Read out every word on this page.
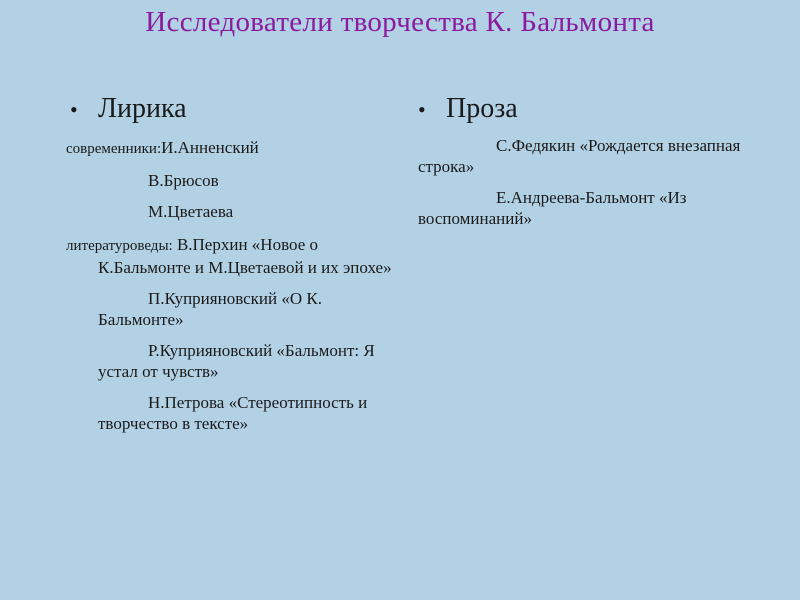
Исследователи творчества К. Бальмонта
• Лирика
современники:И.Анненский
В.Брюсов
М.Цветаева
литературоведы: В.Перхин «Новое о К.Бальмонте и М.Цветаевой и их эпохе»
П.Куприяновский «О К. Бальмонте»
Р.Куприяновский «Бальмонт: Я устал от чувств»
Н.Петрова «Стереотипность и творчество в тексте»
• Проза
С.Федякин «Рождается внезапная строка»
Е.Андреева-Бальмонт «Из воспоминаний»
